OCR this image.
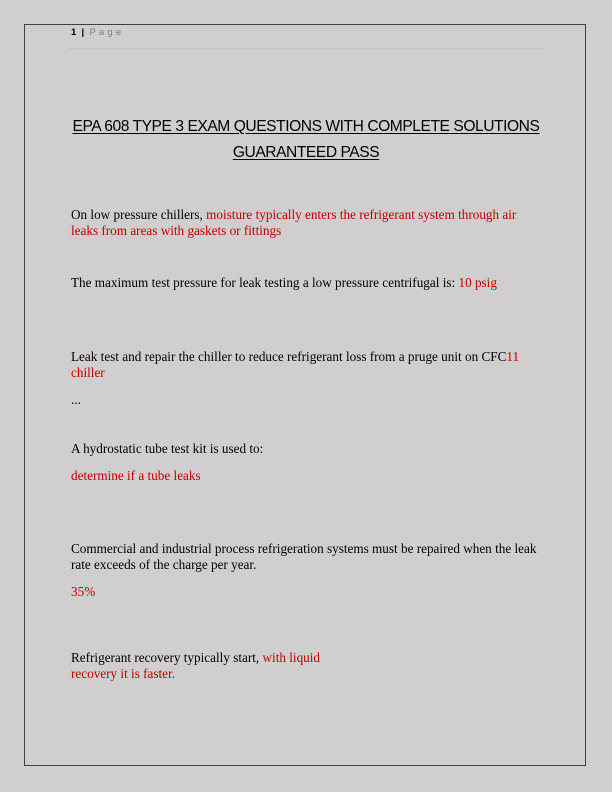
1 | P a g e
EPA 608 TYPE 3 EXAM QUESTIONS WITH COMPLETE SOLUTIONS GUARANTEED PASS
On low pressure chillers, moisture typically enters the refrigerant system through air leaks from areas with gaskets or fittings
The maximum test pressure for leak testing a low pressure centrifugal is: 10 psig
Leak test and repair the chiller to reduce refrigerant loss from a pruge unit on CFC11 chiller
...
A hydrostatic tube test kit is used to:
determine if a tube leaks
Commercial and industrial process refrigeration systems must be repaired when the leak rate exceeds of the charge per year.
35%
Refrigerant recovery typically start, with liquid
recovery it is faster.
